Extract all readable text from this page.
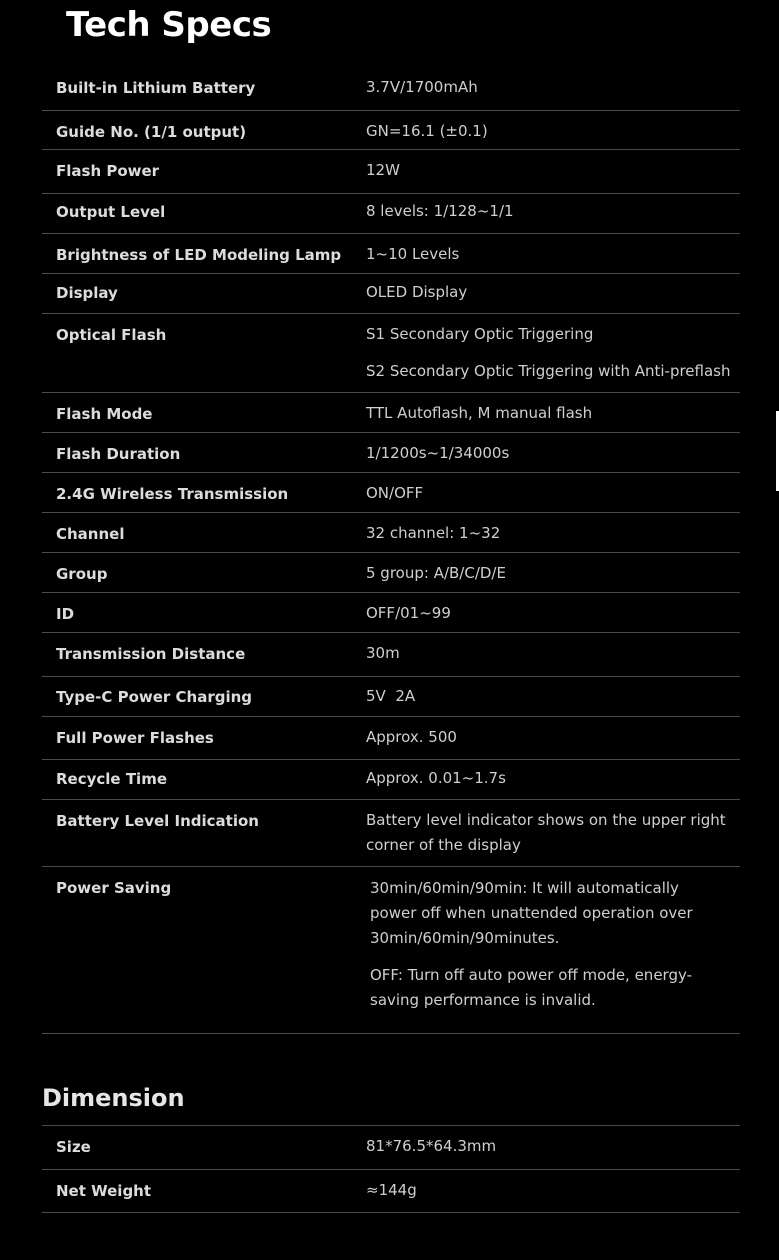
Tech Specs
Built-in Lithium Battery	3.7V/1700mAh

Guide No. (1/1 output)	GN=16.1 (±0.1)

Flash Power	12W

Output Level	8 levels: 1/128~1/1

Brightness of LED Modeling Lamp 1~10 Levels

Display	OLED Display

Optical Flash	S1 Secondary Optic Triggering

S2 Secondary Optic Triggering with Anti-preflash

Flash Mode	TTL Autoflash, M manual flash

Flash Duration	1/1200s~1/34000s

2.4G Wireless Transmission	ON/OFF

Channel	32 channel: 1~32

Group	5 group: A/B/C/D/E

ID	OFF/01~99

Transmission Distance	30m

Type-C Power Charging	5V  2A

Full Power Flashes	Approx. 500

Recycle Time	Approx. 0.01~1.7s

Battery Level Indication	Battery level indicator shows on the upper right corner of the display

Power Saving	30min/60min/90min: It will automatically power off when unattended operation over 30min/60min/90minutes.

OFF: Turn off auto power off mode, energy-saving performance is invalid.

Dimension
Size	81*76.5*64.3mm

Net Weight	≈144g
